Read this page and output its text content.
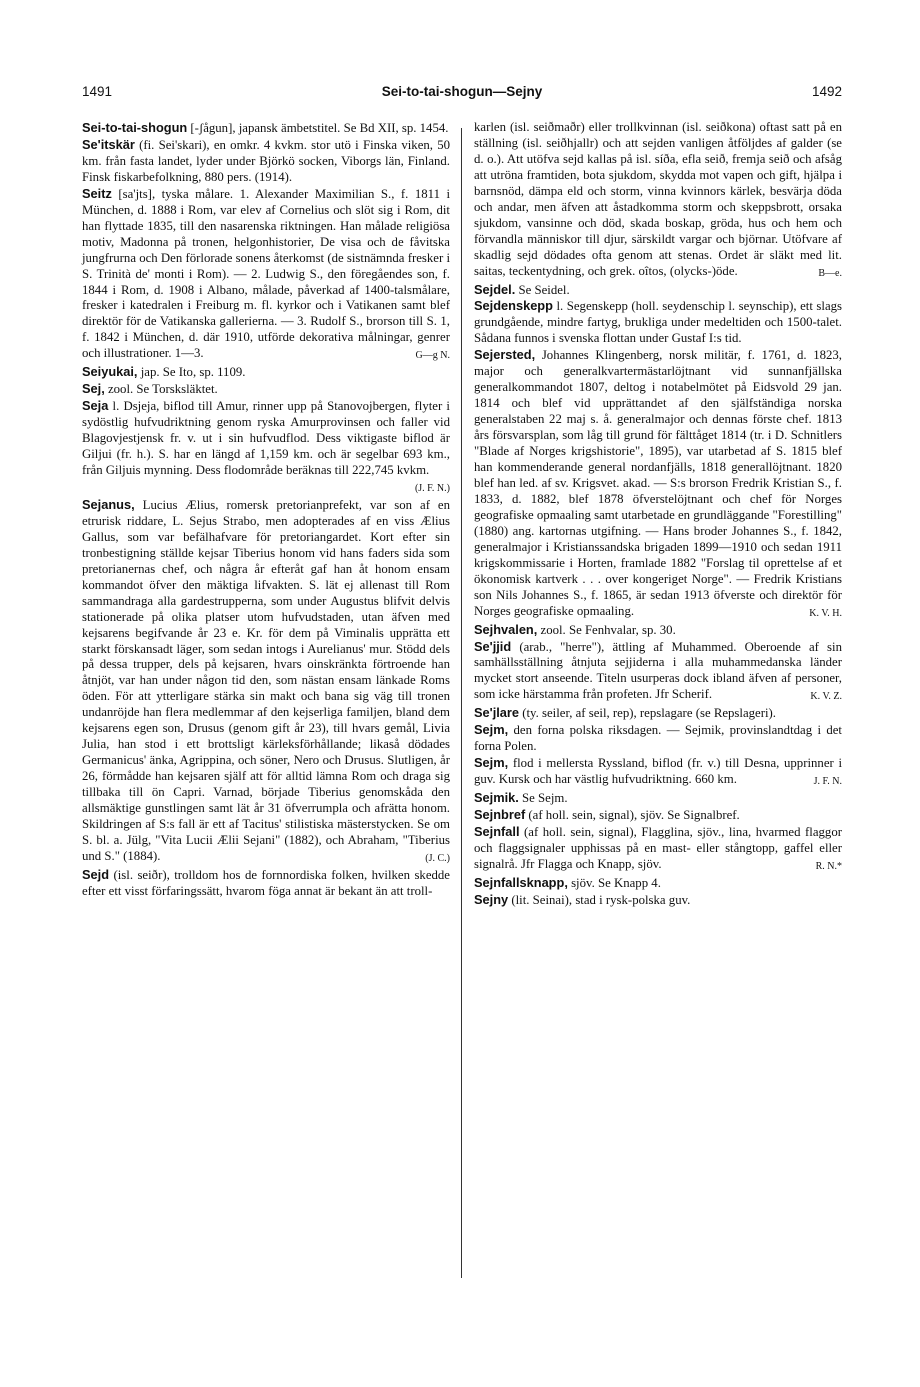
1491	Sei-to-tai-shogun—Sejny	1492

Sei-to-tai-shogun [-ʃågun], japansk ämbetstitel. Se Bd XII, sp. 1454.

Se'itskär (fi. Sei'skari), en omkr. 4 kvkm. stor utö i Finska viken, 50 km. från fasta landet, lyder under Björkö socken, Viborgs län, Finland. Finsk fiskarbefolkning, 880 pers. (1914).

Seitz [sa'jts], tyska målare. 1. Alexander Maximilian S., f. 1811 i München, d. 1888 i Rom, var elev af Cornelius och slöt sig i Rom, dit han flyttade 1835, till den nasarenska riktningen. Han målade religiösa motiv, Madonna på tronen, helgonhistorier, De visa och de fåvitska jungfrurna och Den förlorade sonens återkomst (de sistnämnda fresker i S. Trinità de' monti i Rom). — 2. Ludwig S., den föregåendes son, f. 1844 i Rom, d. 1908 i Albano, målade, påverkad af 1400-talsmålare, fresker i katedralen i Freiburg m. fl. kyrkor och i Vatikanen samt blef direktör för de Vatikanska gallerierna. — 3. Rudolf S., brorson till S. 1, f. 1842 i München, d. där 1910, utförde dekorativa målningar, genrer och illustrationer. 1—3.	G—g N.

Seiyukai, jap. Se Ito, sp. 1109.

Sej, zool. Se Torsksläktet.

Seja l. Dsjeja, biflod till Amur, rinner upp på Stanovojbergen, flyter i sydöstlig hufvudriktning genom ryska Amurprovinsen och faller vid Blagovjestjensk fr. v. ut i sin hufvudflod. Dess viktigaste biflod är Giljui (fr. h.). S. har en längd af 1,159 km. och är segelbar 693 km., från Giljuis mynning. Dess flodområde beräknas till 222,745 kvkm.
(J. F. N.)

Sejanus, Lucius Ælius, romersk pretorianprefekt, var son af en etrurisk riddare, L. Sejus Strabo, men adopterades af en viss Ælius Gallus, som var befälhafvare för pretoriangardet. Kort efter sin tronbestigning ställde kejsar Tiberius honom vid hans faders sida som pretorianernas chef, och några år efteråt gaf han åt honom ensam kommandot öfver den mäktiga lifvakten. S. lät ej allenast till Rom sammandraga alla gardestrupperna, som under Augustus blifvit delvis stationerade på olika platser utom hufvudstaden, utan äfven med kejsarens begifvande år 23 e. Kr. för dem på Viminalis upprätta ett starkt förskansadt läger, som sedan intogs i Aurelianus' mur. Stödd dels på dessa trupper, dels på kejsaren, hvars oinskränkta förtroende han åtnjöt, var han under någon tid den, som nästan ensam länkade Roms öden. För att ytterligare stärka sin makt och bana sig väg till tronen undanröjde han flera medlemmar af den kejserliga familjen, bland dem kejsarens egen son, Drusus (genom gift år 23), till hvars gemål, Livia Julia, han stod i ett brottsligt kärleksförhållande; likaså dödades Germanicus' änka, Agrippina, och söner, Nero och Drusus. Slutligen, år 26, förmådde han kejsaren själf att för alltid lämna Rom och draga sig tillbaka till ön Capri. Varnad, började Tiberius genomskåda den allsmäktige gunstlingen samt lät år 31 öfverrumpla och afrätta honom. Skildringen af S:s fall är ett af Tacitus' stilistiska mästerstycken. Se om S. bl. a. Jülg, "Vita Lucii Ælii Sejani" (1882), och Abraham, "Tiberius und S." (1884).	(J. C.)

Sejd (isl. seiðr), trolldom hos de fornnordiska folken, hvilken skedde efter ett visst förfaringssätt, hvarom föga annat är bekant än att troll-

karlen (isl. seiðmaðr) eller trollkvinnan (isl. seiðkona) oftast satt på en ställning (isl. seiðhjallr) och att sejden vanligen åtföljdes af galder (se d. o.). Att utöfva sejd kallas på isl. síða, efla seið, fremja seið och afsåg att utröna framtiden, bota sjukdom, skydda mot vapen och gift, hjälpa i barnsnöd, dämpa eld och storm, vinna kvinnors kärlek, besvärja döda och andar, men äfven att åstadkomma storm och skeppsbrott, orsaka sjukdom, vansinne och död, skada boskap, gröda, hus och hem och förvandla människor till djur, särskildt vargar och björnar. Utöfvare af skadlig sejd dödades ofta genom att stenas. Ordet är släkt med lit. saitas, teckentydning, och grek. oîtos, (olycks-)öde.	B—e.

Sejdel. Se Seidel.

Sejdenskepp l. Segenskepp (holl. seydenschip l. seynschip), ett slags grundgående, mindre fartyg, brukliga under medeltiden och 1500-talet. Sådana funnos i svenska flottan under Gustaf I:s tid.

Sejersted, Johannes Klingenberg, norsk militär, f. 1761, d. 1823, major och generalkvartermästarlöjtnant vid sunnanfjällska generalkommandot 1807, deltog i notabelmötet på Eidsvold 29 jan. 1814 och blef vid upprättandet af den själfständiga norska generalstaben 22 maj s. å. generalmajor och dennas förste chef. 1813 års försvarsplan, som låg till grund för fälttåget 1814 (tr. i D. Schnitlers "Blade af Norges krigshistorie", 1895), var utarbetad af S. 1815 blef han kommenderande general nordanfjälls, 1818 generallöjtnant. 1820 blef han led. af sv. Krigsvet. akad. — S:s brorson Fredrik Kristian S., f. 1833, d. 1882, blef 1878 öfverstelöjtnant och chef för Norges geografiske opmaaling samt utarbetade en grundläggande "Forestilling" (1880) ang. kartornas utgifning. — Hans broder Johannes S., f. 1842, generalmajor i Kristianssandska brigaden 1899—1910 och sedan 1911 krigskommissarie i Horten, framlade 1882 "Forslag til oprettelse af et ökonomisk kartverk . . . over kongeriget Norge". — Fredrik Kristians son Nils Johannes S., f. 1865, är sedan 1913 öfverste och direktör för Norges geografiske opmaaling.	K. V. H.

Sejhvalen, zool. Se Fenhvalar, sp. 30.

Se'jjid (arab., "herre"), ättling af Muhammed. Oberoende af sin samhällsställning åtnjuta sejjiderna i alla muhammedanska länder mycket stort anseende. Titeln usurperas dock ibland äfven af personer, som icke härstamma från profeten. Jfr Scherif.	K. V. Z.

Se'jlare (ty. seiler, af seil, rep), repslagare (se Repslageri).

Sejm, den forna polska riksdagen. — Sejmik, provinslandtdag i det forna Polen.

Sejm, flod i mellersta Ryssland, biflod (fr. v.) till Desna, upprinner i guv. Kursk och har västlig hufvudriktning. 660 km.	J. F. N.

Sejmik. Se Sejm.

Sejnbref (af holl. sein, signal), sjöv. Se Signalbref.

Sejnfall (af holl. sein, signal), Flagglina, sjöv., lina, hvarmed flaggor och flaggsignaler upphissas på en mast- eller stångtopp, gaffel eller signalrå. Jfr Flagga och Knapp, sjöv.	R. N.*

Sejnfallsknapp, sjöv. Se Knapp 4.

Sejny (lit. Seinai), stad i rysk-polska guv.
